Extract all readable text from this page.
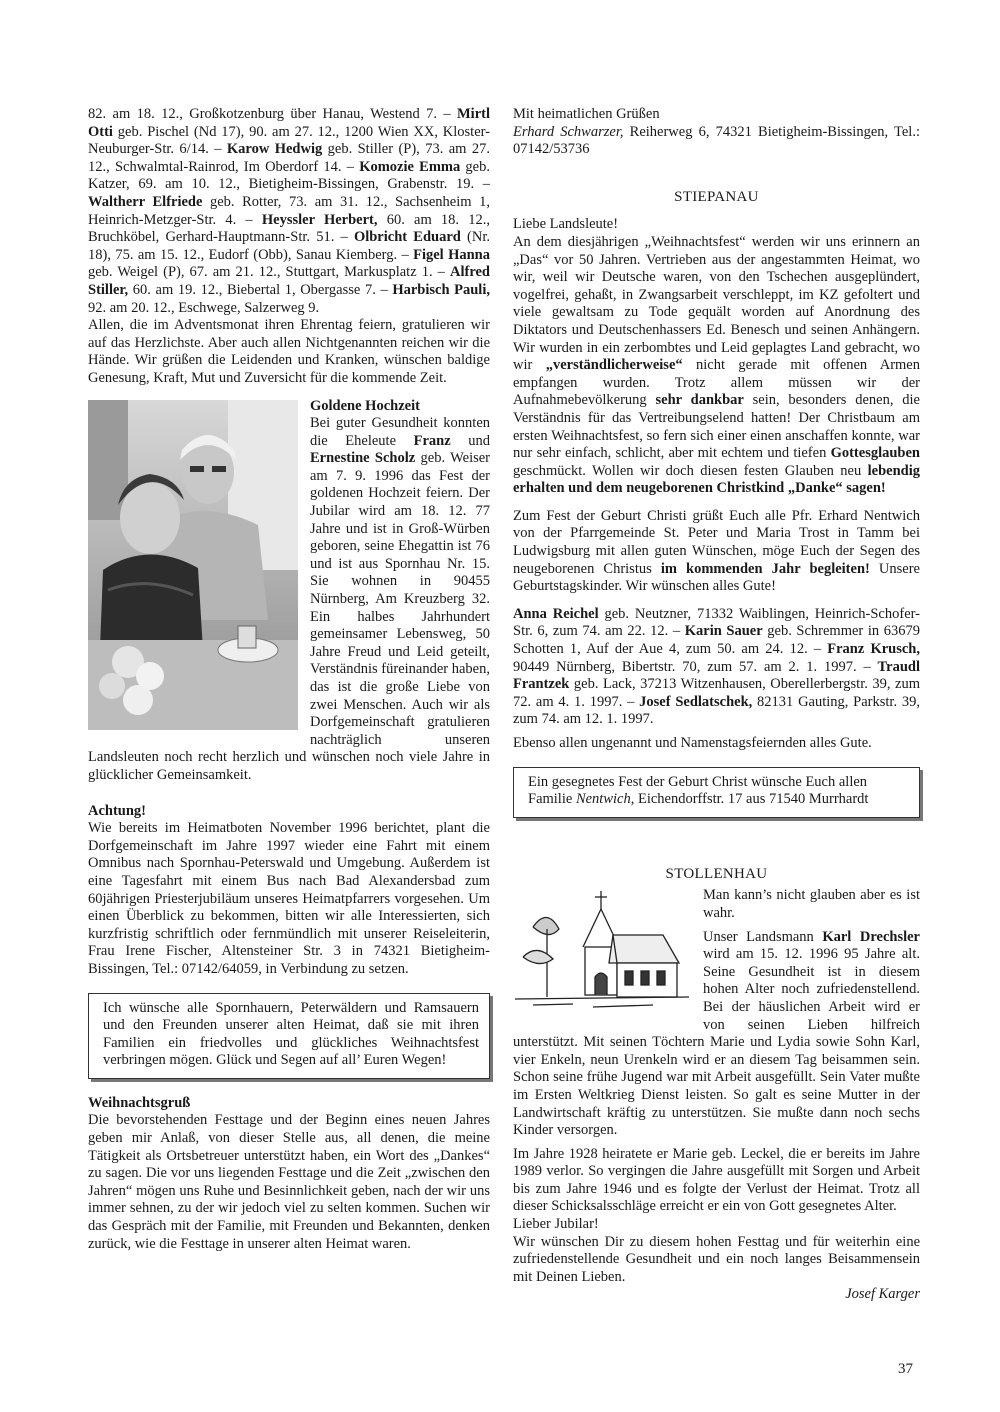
82. am 18. 12., Großkotzenburg über Hanau, Westend 7. – Mirtl Otti geb. Pischel (Nd 17), 90. am 27. 12., 1200 Wien XX, Kloster-Neuburger-Str. 6/14. – Karow Hedwig geb. Stiller (P), 73. am 27. 12., Schwalmtal-Rainrod, Im Oberdorf 14. – Komozie Emma geb. Katzer, 69. am 10. 12., Bietigheim-Bissingen, Grabenstr. 19. – Waltherr Elfriede geb. Rotter, 73. am 31. 12., Sachsenheim 1, Heinrich-Metzger-Str. 4. – Heyssler Herbert, 60. am 18. 12., Bruchköbel, Gerhard-Hauptmann-Str. 51. – Olbricht Eduard (Nr. 18), 75. am 15. 12., Eudorf (Obb), Sanau Kiemberg. – Figel Hanna geb. Weigel (P), 67. am 21. 12., Stuttgart, Markusplatz 1. – Alfred Stiller, 60. am 19. 12., Biebertal 1, Obergasse 7. – Harbisch Pauli, 92. am 20. 12., Eschwege, Salzerweg 9.

Allen, die im Adventsmonat ihren Ehrentag feiern, gratulieren wir auf das Herzlichste. Aber auch allen Nichtgenannten reichen wir die Hände. Wir grüßen die Leidenden und Kranken, wünschen baldige Genesung, Kraft, Mut und Zuversicht für die kommende Zeit.

Goldene Hochzeit

Bei guter Gesundheit konnten die Eheleute Franz und Ernestine Scholz geb. Weiser am 7. 9. 1996 das Fest der goldenen Hochzeit feiern. Der Jubilar wird am 18. 12. 77 Jahre und ist in Groß-Würben geboren, seine Ehegattin ist 76 und ist aus Spornhau Nr. 15. Sie wohnen in 90455 Nürnberg, Am Kreuzberg 32. Ein halbes Jahrhundert gemeinsamer Lebensweg, 50 Jahre Freud und Leid geteilt, Verständnis füreinander haben, das ist die große Liebe von zwei Menschen. Auch wir als Dorfgemeinschaft gratulieren nachträglich unseren Landsleuten noch recht herzlich und wünschen noch viele Jahre in glücklicher Gemeinsamkeit.

Achtung!

Wie bereits im Heimatboten November 1996 berichtet, plant die Dorfgemeinschaft im Jahre 1997 wieder eine Fahrt mit einem Omnibus nach Spornhau-Peterswald und Umgebung. Außerdem ist eine Tagesfahrt mit einem Bus nach Bad Alexandersbad zum 60jährigen Priesterjubiläum unseres Heimatpfarrers vorgesehen. Um einen Überblick zu bekommen, bitten wir alle Interessierten, sich kurzfristig schriftlich oder fernmündlich mit unserer Reiseleiterin, Frau Irene Fischer, Altensteiner Str. 3 in 74321 Bietigheim-Bissingen, Tel.: 07142/64059, in Verbindung zu setzen.

Ich wünsche alle Spornhauern, Peterwäldern und Ramsauern und den Freunden unserer alten Heimat, daß sie mit ihren Familien ein friedvolles und glückliches Weihnachtsfest verbringen mögen. Glück und Segen auf all’ Euren Wegen!

Weihnachtsgruß

Die bevorstehenden Festtage und der Beginn eines neuen Jahres geben mir Anlaß, von dieser Stelle aus, all denen, die meine Tätigkeit als Ortsbetreuer unterstützt haben, ein Wort des „Dankes“ zu sagen. Die vor uns liegenden Festtage und die Zeit „zwischen den Jahren“ mögen uns Ruhe und Besinnlichkeit geben, nach der wir uns immer sehnen, zu der wir jedoch viel zu selten kommen. Suchen wir das Gespräch mit der Familie, mit Freunden und Bekannten, denken zurück, wie die Festtage in unserer alten Heimat waren.

Mit heimatlichen Grüßen

Erhard Schwarzer, Reiherweg 6, 74321 Bietigheim-Bissingen, Tel.: 07142/53736

STIEPANAU

Liebe Landsleute!

An dem diesjährigen „Weihnachtsfest“ werden wir uns erinnern an „Das“ vor 50 Jahren. Vertrieben aus der angestammten Heimat, wo wir, weil wir Deutsche waren, von den Tschechen ausgeplündert, vogelfrei, gehaßt, in Zwangsarbeit verschleppt, im KZ gefoltert und viele gewaltsam zu Tode gequält worden auf Anordnung des Diktators und Deutschenhassers Ed. Benesch und seinen Anhängern. Wir wurden in ein zerbombtes und Leid geplagtes Land gebracht, wo wir „verständlicherweise“ nicht gerade mit offenen Armen empfangen wurden. Trotz allem müssen wir der Aufnahmebevölkerung sehr dankbar sein, besonders denen, die Verständnis für das Vertreibungselend hatten! Der Christbaum am ersten Weihnachtsfest, so fern sich einer einen anschaffen konnte, war nur sehr einfach, schlicht, aber mit echtem und tiefen Gottesglauben geschmückt. Wollen wir doch diesen festen Glauben neu lebendig erhalten und dem neugeborenen Christkind „Danke“ sagen!

Zum Fest der Geburt Christi grüßt Euch alle Pfr. Erhard Nentwich von der Pfarrgemeinde St. Peter und Maria Trost in Tamm bei Ludwigsburg mit allen guten Wünschen, möge Euch der Segen des neugeborenen Christus im kommenden Jahr begleiten! Unsere Geburtstagskinder. Wir wünschen alles Gute!

Anna Reichel geb. Neutzner, 71332 Waiblingen, Heinrich-Schofer-Str. 6, zum 74. am 22. 12. – Karin Sauer geb. Schremmer in 63679 Schotten 1, Auf der Aue 4, zum 50. am 24. 12. – Franz Krusch, 90449 Nürnberg, Bibertstr. 70, zum 57. am 2. 1. 1997. – Traudl Frantzek geb. Lack, 37213 Witzenhausen, Oberellerbergstr. 39, zum 72. am 4. 1. 1997. – Josef Sedlatschek, 82131 Gauting, Parkstr. 39, zum 74. am 12. 1. 1997.

Ebenso allen ungenannt und Namenstagsfeiernden alles Gute.

Ein gesegnetes Fest der Geburt Christ wünsche Euch allen

Familie Nentwich, Eichendorffstr. 17 aus 71540 Murrhardt

STOLLENHAU

Man kann’s nicht glauben aber es ist wahr.

Unser Landsmann Karl Drechsler wird am 15. 12. 1996 95 Jahre alt. Seine Gesundheit ist in diesem hohen Alter noch zufriedenstellend. Bei der häuslichen Arbeit wird er von seinen Lieben hilfreich unterstützt. Mit seinen Töchtern Marie und Lydia sowie Sohn Karl, vier Enkeln, neun Urenkeln wird er an diesem Tag beisammen sein. Schon seine frühe Jugend war mit Arbeit ausgefüllt. Sein Vater mußte im Ersten Weltkrieg Dienst leisten. So galt es seine Mutter in der Landwirtschaft kräftig zu unterstützen. Sie mußte dann noch sechs Kinder versorgen.

Im Jahre 1928 heiratete er Marie geb. Leckel, die er bereits im Jahre 1989 verlor. So vergingen die Jahre ausgefüllt mit Sorgen und Arbeit bis zum Jahre 1946 und es folgte der Verlust der Heimat. Trotz all dieser Schicksalsschläge erreicht er ein von Gott gesegnetes Alter.

Lieber Jubilar!

Wir wünschen Dir zu diesem hohen Festtag und für weiterhin eine zufriedenstellende Gesundheit und ein noch langes Beisammensein mit Deinen Lieben.

Josef Karger

37
